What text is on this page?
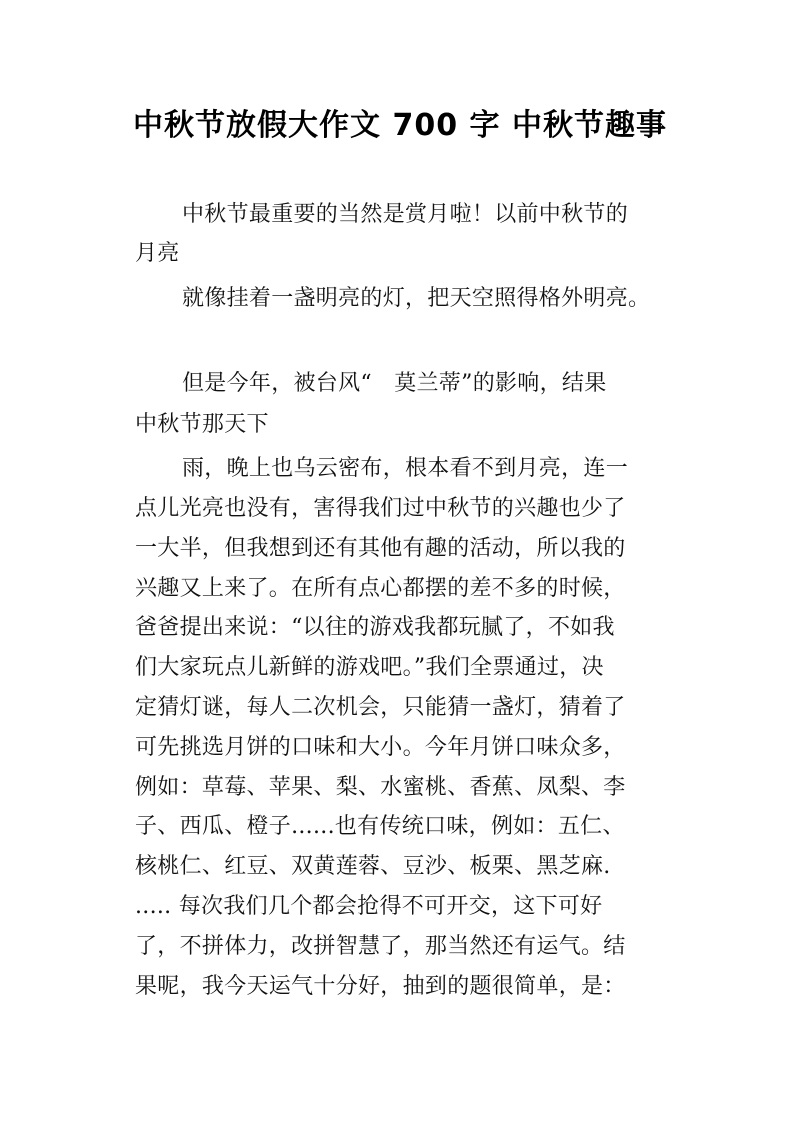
中秋节放假大作文 700 字 中秋节趣事
中秋节最重要的当然是赏月啦！以前中秋节的
月亮
就像挂着一盏明亮的灯，把天空照得格外明亮。
但是今年，被台风“　莫兰蒂”的影响，结果
中秋节那天下
雨，晚上也乌云密布，根本看不到月亮，连一
点儿光亮也没有，害得我们过中秋节的兴趣也少了
一大半，但我想到还有其他有趣的活动，所以我的
兴趣又上来了。在所有点心都摆的差不多的时候，
爸爸提出来说：“以往的游戏我都玩腻了，不如我
们大家玩点儿新鲜的游戏吧。”我们全票通过，决
定猜灯谜，每人二次机会，只能猜一盏灯，猜着了
可先挑选月饼的口味和大小。今年月饼口味众多，
例如：草莓、苹果、梨、水蜜桃、香蕉、凤梨、李
子、西瓜、橙子......也有传统口味，例如：五仁、
核桃仁、红豆、双黄莲蓉、豆沙、板栗、黑芝麻.
..... 每次我们几个都会抢得不可开交，这下可好
了，不拼体力，改拼智慧了，那当然还有运气。结
果呢，我今天运气十分好，抽到的题很简单，是：
